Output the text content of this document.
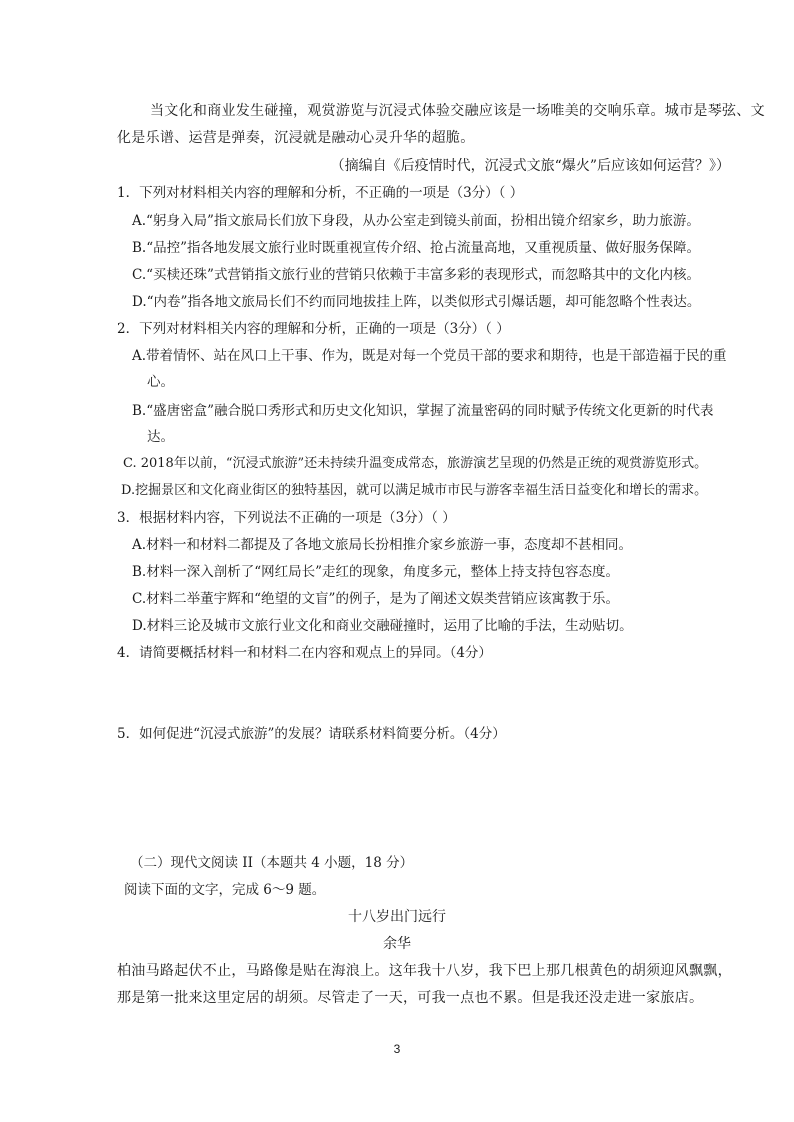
当文化和商业发生碰撞，观赏游览与沉浸式体验交融应该是一场唯美的交响乐章。城市是琴弦、文
化是乐谱、运营是弹奏，沉浸就是融动心灵升华的超脆。
（摘编自《后疫情时代，沉浸式文旅“爆火”后应该如何运营？》）
1．下列对材料相关内容的理解和分析，不正确的一项是（3分）（ ）
A.“躬身入局”指文旅局长们放下身段，从办公室走到镜头前面，扮相出镜介绍家乡，助力旅游。
B.“品控”指各地发展文旅行业时既重视宣传介绍、抢占流量高地，又重视质量、做好服务保障。
C.“买椟还珠”式营销指文旅行业的营销只依赖于丰富多彩的表现形式，而忽略其中的文化内核。
D.“内卷”指各地文旅局长们不约而同地拔挂上阵，以类似形式引爆话题，却可能忽略个性表达。
2．下列对材料相关内容的理解和分析，正确的一项是（3分）（ ）
A.带着情怀、站在风口上干事、作为，既是对每一个党员干部的要求和期待，也是干部造福于民的重
心。
B.“盛唐密盒”融合脱口秀形式和历史文化知识，掌握了流量密码的同时赋予传统文化更新的时代表
达。
C. 2018年以前，“沉浸式旅游”还未持续升温变成常态，旅游演艺呈现的仍然是正统的观赏游览形式。
D.挖掘景区和文化商业街区的独特基因，就可以满足城市市民与游客幸福生活日益变化和增长的需求。
3．根据材料内容，下列说法不正确的一项是（3分）（ ）
A.材料一和材料二都提及了各地文旅局长扮相推介家乡旅游一事，态度却不甚相同。
B.材料一深入剖析了“网红局长”走红的现象，角度多元，整体上持支持包容态度。
C.材料二举董宇辉和“绝望的文盲”的例子，是为了阐述文娱类营销应该寓教于乐。
D.材料三论及城市文旅行业文化和商业交融碰撞时，运用了比喻的手法，生动贴切。
4．请简要概括材料一和材料二在内容和观点上的异同。（4分）
5．如何促进“沉浸式旅游”的发展？请联系材料简要分析。（4分）
（二）现代文阅读 II（本题共 4 小题，18 分）
阅读下面的文字，完成 6～9 题。
十八岁出门远行
余华
柏油马路起伏不止，马路像是贴在海浪上。这年我十八岁，我下巴上那几根黄色的胡须迎风飘飘，
那是第一批来这里定居的胡须。尽管走了一天，可我一点也不累。但是我还没走进一家旅店。
3
